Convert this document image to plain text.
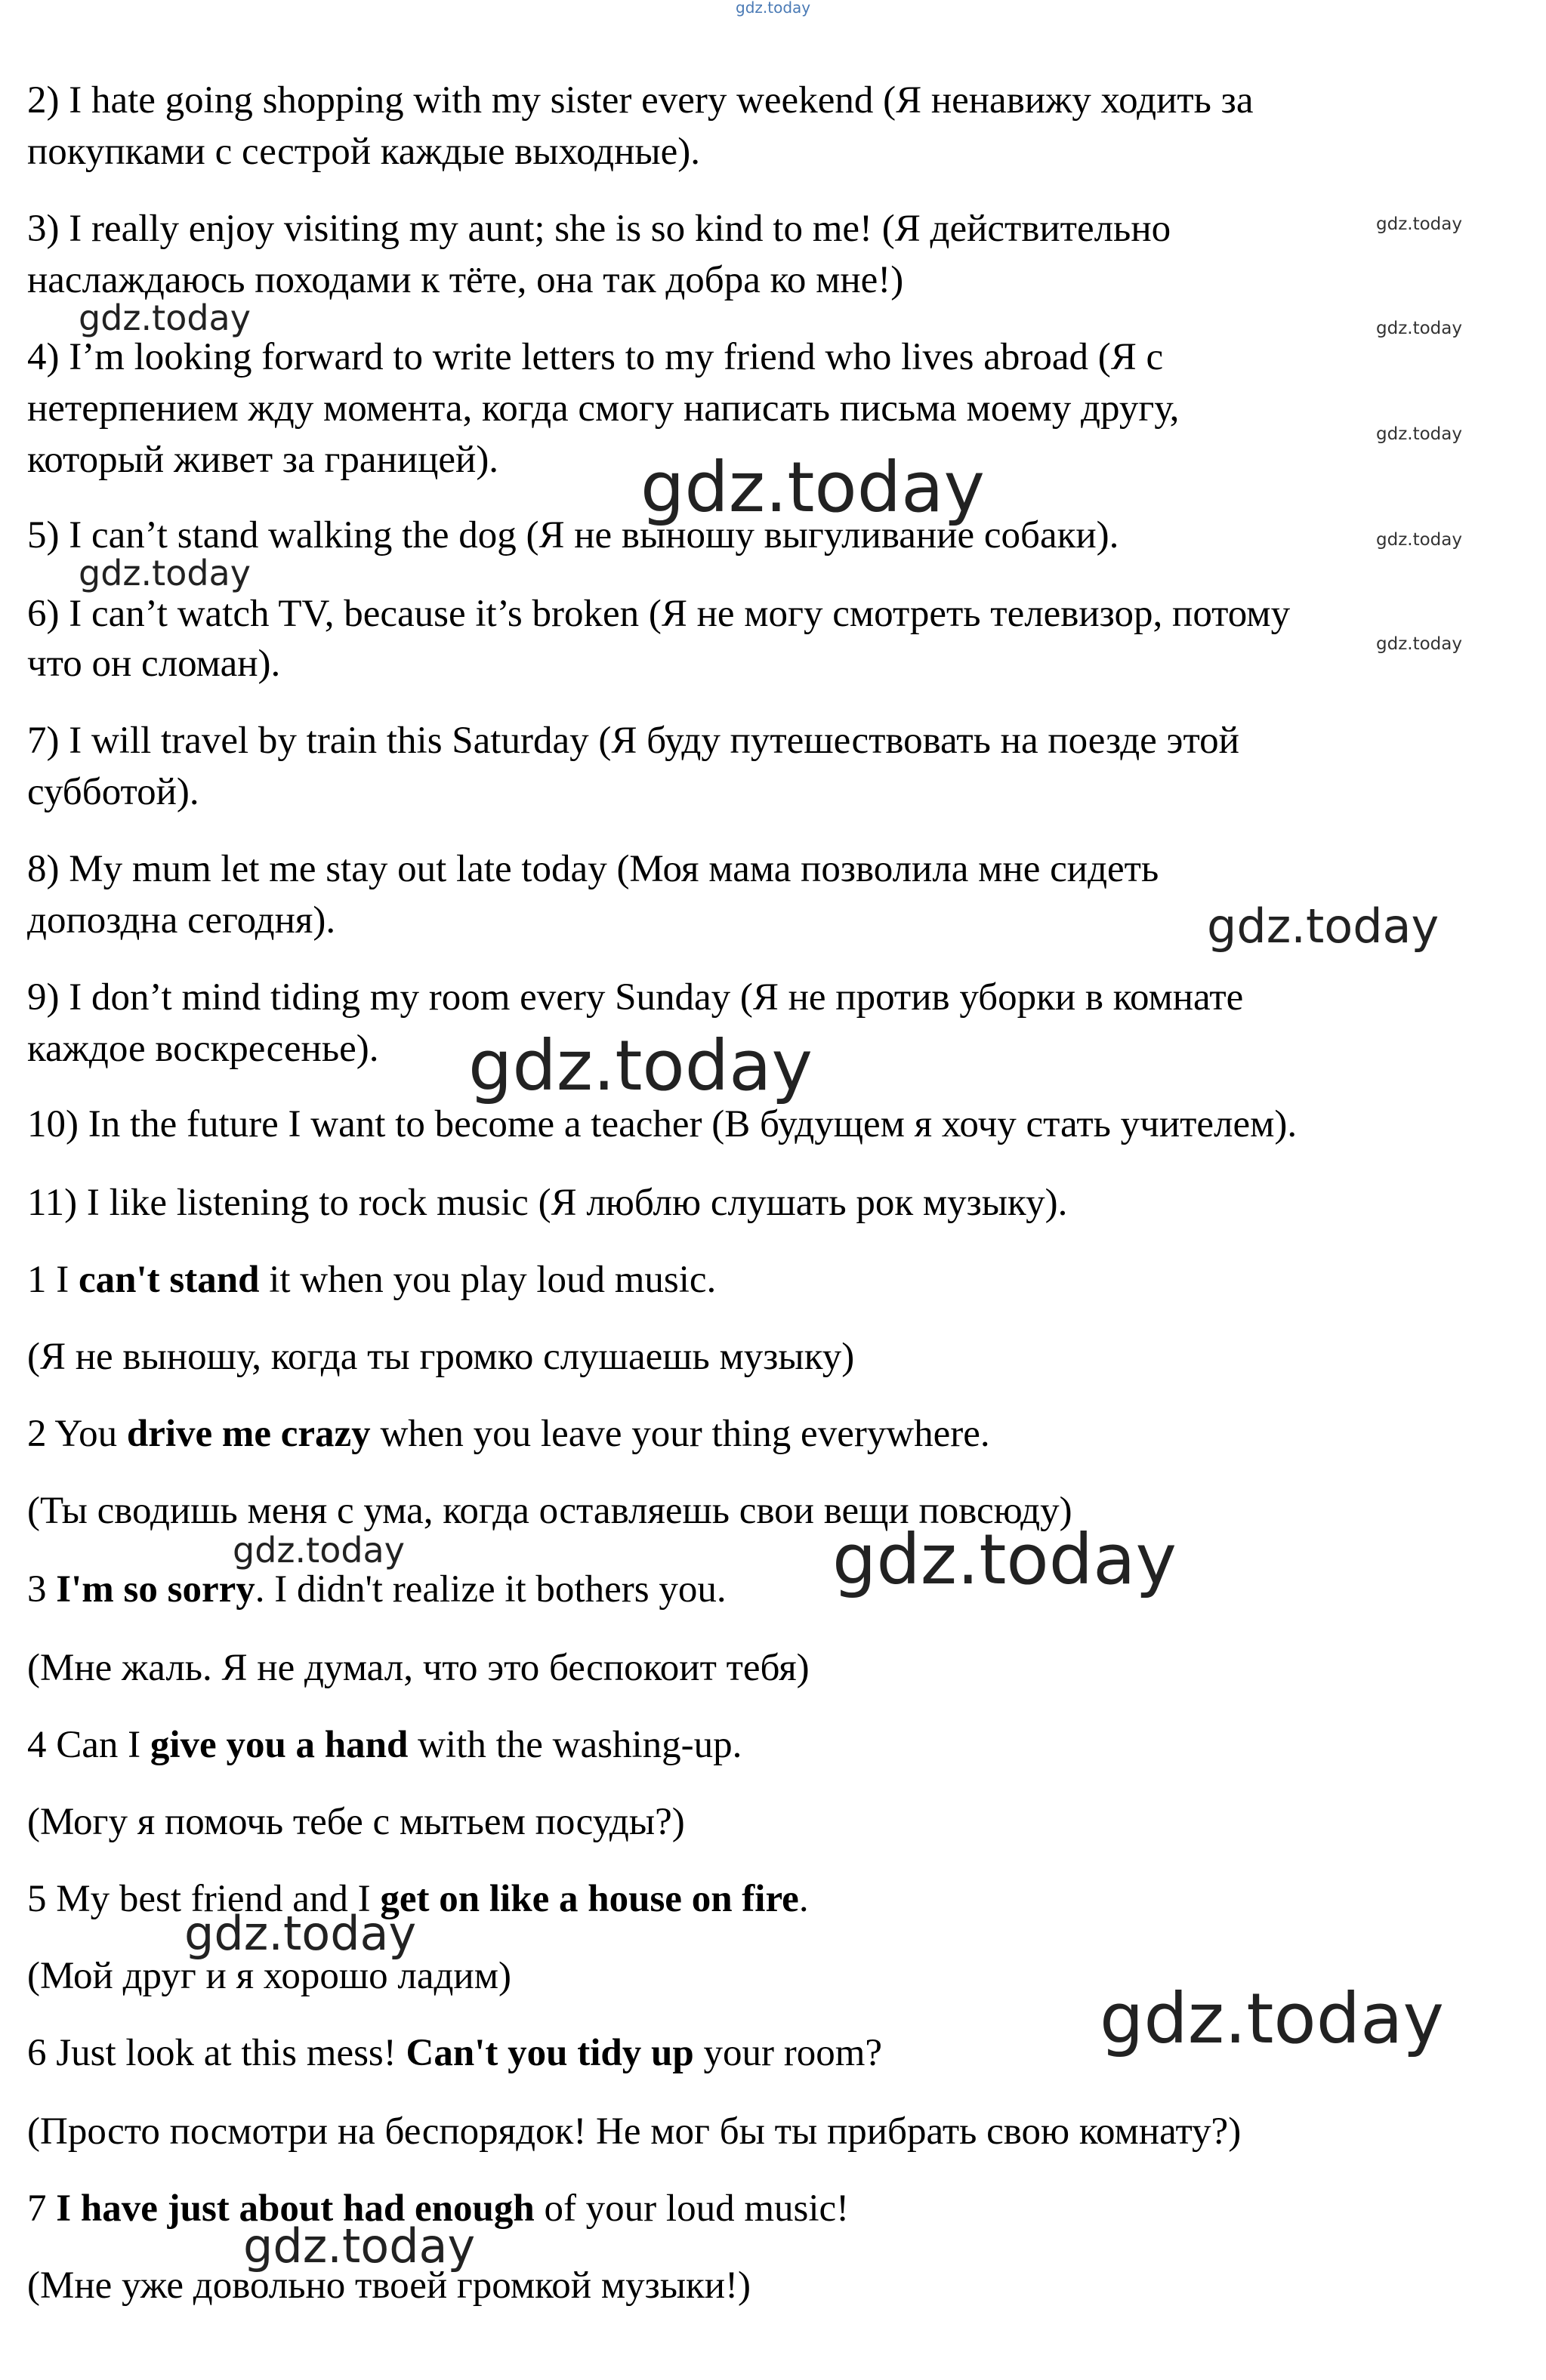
2) I hate going shopping with my sister every weekend (Я ненавижу ходить за

покупками с сестрой каждые выходные).

3) I really enjoy visiting my aunt; she is so kind to me! (Я действительно

наслаждаюсь походами к тёте, она так добра ко мне!)

4) I’m looking forward to write letters to my friend who lives abroad (Я с

нетерпением жду момента, когда смогу написать письма моему другу,

который живет за границей).

5) I can’t stand walking the dog (Я не выношу выгуливание собаки).

6) I can’t watch TV, because it’s broken (Я не могу смотреть телевизор, потому

что он сломан).

7) I will travel by train this Saturday (Я буду путешествовать на поезде этой

субботой).

8) My mum let me stay out late today (Моя мама позволила мне сидеть

допоздна сегодня).

9) I don’t mind tiding my room every Sunday (Я не против уборки в комнате

каждое воскресенье).

10) In the future I want to become a teacher (В будущем я хочу стать учителем).

11) I like listening to rock music (Я люблю слушать рок музыку).

1 I can't stand it when you play loud music.

(Я не выношу, когда ты громко слушаешь музыку)

2 You drive me crazy when you leave your thing everywhere.

(Ты сводишь меня с ума, когда оставляешь свои вещи повсюду)

3 I'm so sorry. I didn't realize it bothers you.

(Мне жаль. Я не думал, что это беспокоит тебя)

4 Can I give you a hand with the washing-up.

(Могу я помочь тебе с мытьем посуды?)

5 My best friend and I get on like a house on fire.

(Мой друг и я хорошо ладим)

6 Just look at this mess! Can't you tidy up your room?

(Просто посмотри на беспорядок! Не мог бы ты прибрать свою комнату?)

7 I have just about had enough of your loud music!

(Мне уже довольно твоей громкой музыки!)

gdz.today
gdz.today
gdz.today
gdz.today
gdz.today
gdz.today
gdz.today
gdz.today
gdz.today
gdz.today
gdz.today
gdz.today	gdz.today
gdz.today
gdz.today
gdz.today
